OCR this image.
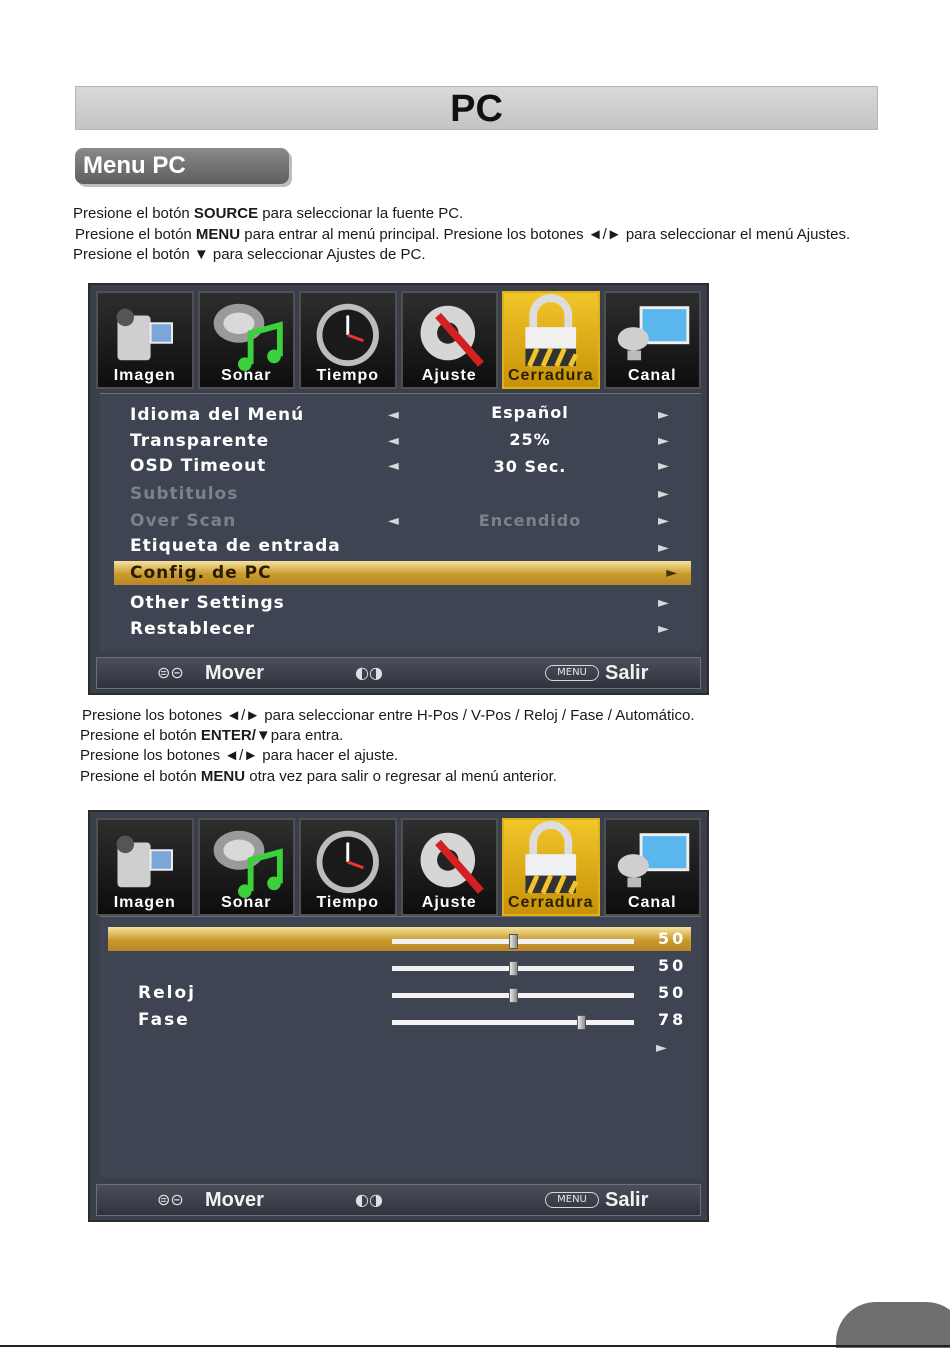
PC
Menu PC
Presione el botón SOURCE para seleccionar la fuente PC.
Presione el botón MENU para entrar al menú principal. Presione los botones ◄/► para seleccionar el menú Ajustes.
Presione el botón ▼ para seleccionar Ajustes de PC.
Imagen	Sonar	Tiempo	Ajuste	Cerradura	Canal
Idioma del Menú	◄	Español	►
Transparente	◄	25%	►
OSD Timeout	◄	30 Sec.	►
Subtitulos	►
Over Scan	◄	Encendido	►
Etiqueta de entrada	►
Config. de PC	►
Other Settings	►
Restablecer	►
⊜⊝ Mover	◐◑	MENU Salir
Presione los botones ◄/► para seleccionar entre H-Pos / V-Pos / Reloj / Fase / Automático.
Presione el botón ENTER/▼para entra.
Presione los botones ◄/► para hacer el ajuste.
Presione el botón MENU otra vez para salir o regresar al menú anterior.
Imagen	Sonar	Tiempo	Ajuste	Cerradura	Canal
50
50
Reloj	50
Fase	78
►
⊜⊝ Mover	◐◑	MENU Salir
